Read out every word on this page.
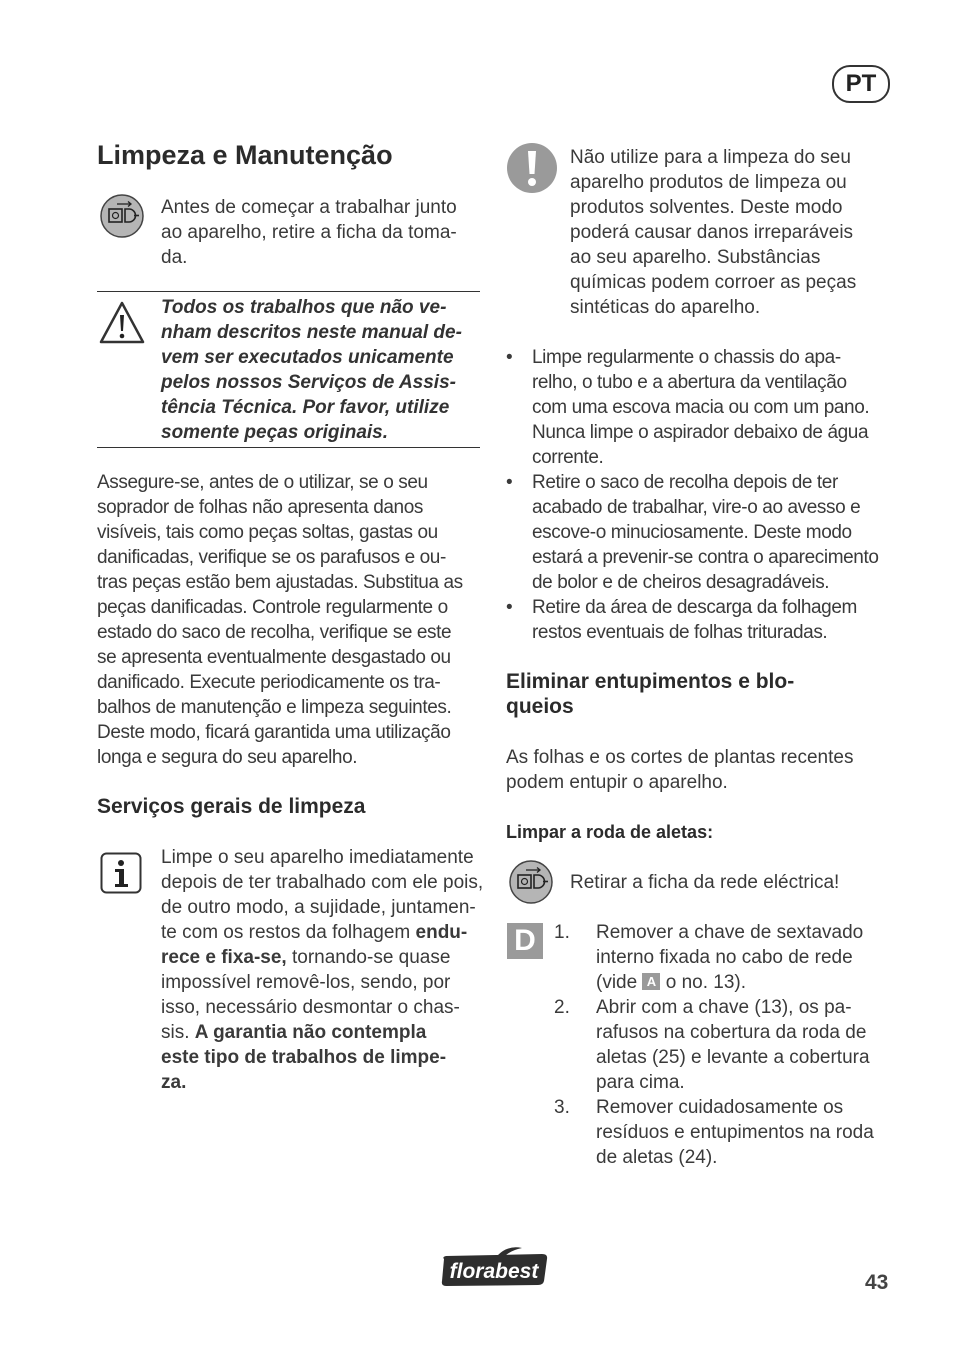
PT
Limpeza e Manutenção
Antes de começar a trabalhar junto
ao aparelho, retire a ficha da toma-
da.
Todos os trabalhos que não ve-
nham descritos neste manual de-
vem ser executados unicamente
pelos nossos Serviços de Assis-
tência Técnica. Por favor, utilize
somente peças originais.
Assegure-se, antes de o utilizar, se o seu
soprador de folhas não apresenta danos
visíveis, tais como peças soltas, gastas ou
danificadas, verifique se os parafusos e ou-
tras peças estão bem ajustadas. Substitua as
peças danificadas. Controle regularmente o
estado do saco de recolha, verifique se este
se apresenta eventualmente desgastado ou
danificado. Execute periodicamente os tra-
balhos de manutenção e limpeza seguintes.
Deste modo, ficará garantida uma utilização
longa e segura do seu aparelho.
Serviços gerais de limpeza
Limpe o seu aparelho imediatamente
depois de ter trabalhado com ele pois,
de outro modo, a sujidade, juntamen-
te com os restos da folhagem endu-
rece e fixa-se, tornando-se quase
impossível removê-los, sendo, por
isso, necessário desmontar o chas-
sis. A garantia não contempla
este tipo de trabalhos de limpe-
za.
Não utilize para a limpeza do seu
aparelho produtos de limpeza ou
produtos solventes. Deste modo
poderá causar danos irreparáveis
ao seu aparelho. Substâncias
químicas podem corroer as peças
sintéticas do aparelho.
• Limpe regularmente o chassis do apa-
relho, o tubo e a abertura da ventilação
com uma escova macia ou com um pano.
Nunca limpe o aspirador debaixo de água
corrente.
• Retire o saco de recolha depois de ter
acabado de trabalhar, vire-o ao avesso e
escove-o minuciosamente. Deste modo
estará a prevenir-se contra o aparecimento
de bolor e de cheiros desagradáveis.
• Retire da área de descarga da folhagem
restos eventuais de folhas trituradas.
Eliminar entupimentos e blo-
queios
As folhas e os cortes de plantas recentes
podem entupir o aparelho.
Limpar a roda de aletas:
Retirar a ficha da rede eléctrica!
D 1. Remover a chave de sextavado
interno fixada no cabo de rede
(vide A o no. 13).
2. Abrir com a chave (13), os pa-
rafusos na cobertura da roda de
aletas (25) e levante a cobertura
para cima.
3. Remover cuidadosamente os
resíduos e entupimentos na roda
de aletas (24).
florabest	43
